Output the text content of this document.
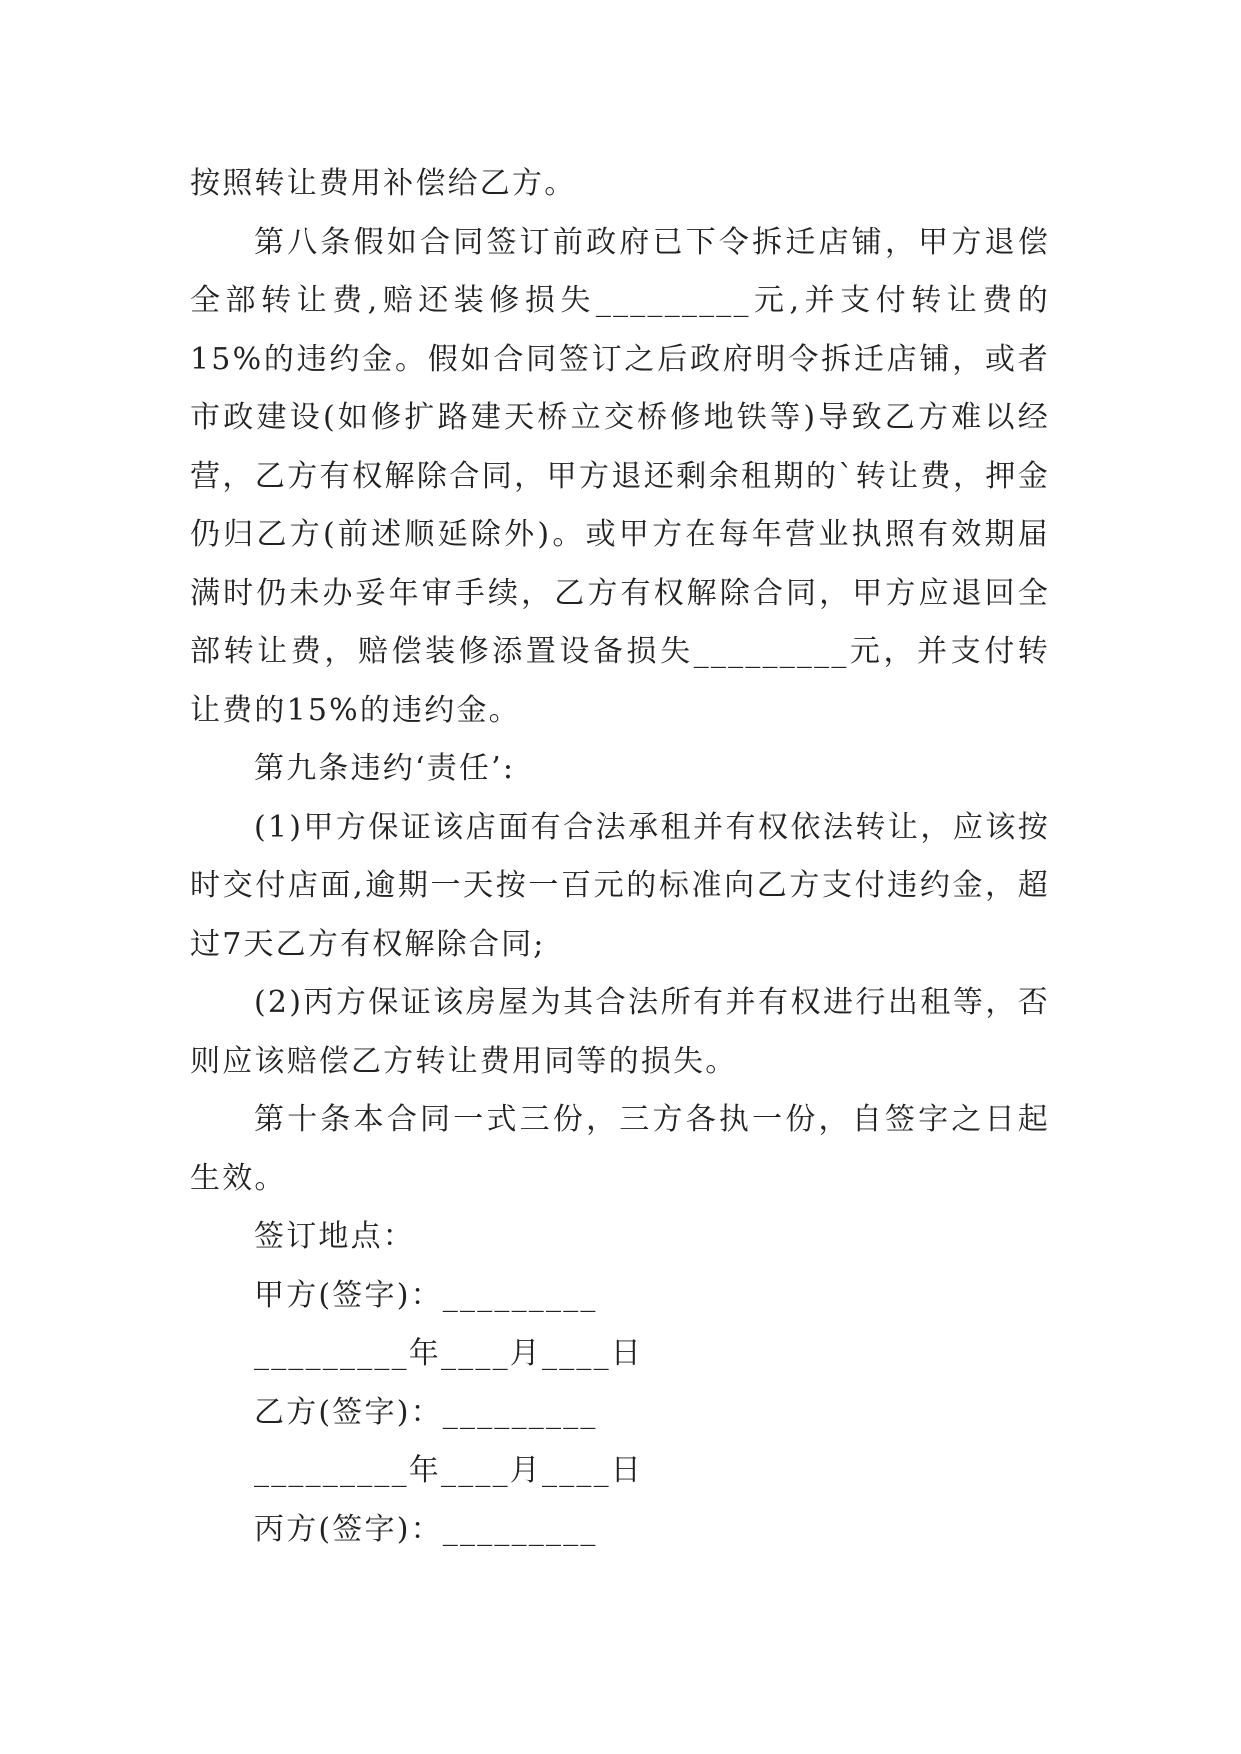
按照转让费用补偿给乙方。

第八条假如合同签订前政府已下令拆迁店铺，甲方退偿全部转让费,赔还装修损失_________元,并支付转让费的15%的违约金。假如合同签订之后政府明令拆迁店铺，或者市政建设(如修扩路建天桥立交桥修地铁等)导致乙方难以经营，乙方有权解除合同，甲方退还剩余租期的`转让费，押金仍归乙方(前述顺延除外)。或甲方在每年营业执照有效期届满时仍未办妥年审手续，乙方有权解除合同，甲方应退回全部转让费，赔偿装修添置设备损失_________元，并支付转让费的15%的违约金。

第九条违约‘责任’:

(1)甲方保证该店面有合法承租并有权依法转让，应该按时交付店面,逾期一天按一百元的标准向乙方支付违约金，超过7天乙方有权解除合同;

(2)丙方保证该房屋为其合法所有并有权进行出租等，否则应该赔偿乙方转让费用同等的损失。

第十条本合同一式三份，三方各执一份，自签字之日起生效。

签订地点：
甲方(签字)：_________
_________年____月____日
乙方(签字)：_________
_________年____月____日
丙方(签字)：_________
